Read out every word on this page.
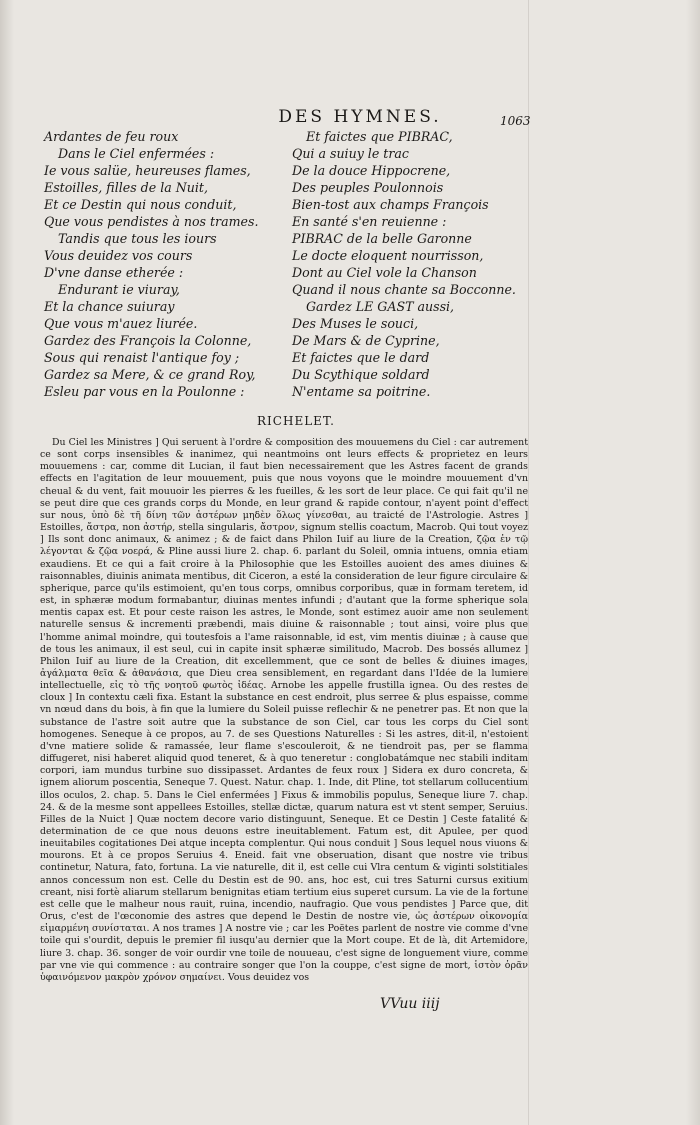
DES HYMNES.	1063
Ardantes de feu roux
Dans le Ciel enfermées :
Ie vous salüe, heureuses flames,
Estoilles, filles de la Nuit,
Et ce Destin qui nous conduit,
Que vous pendistes à nos trames.
Tandis que tous les iours
Vous deuidez vos cours
D'vne danse etherée :
Endurant ie viuray,
Et la chance suiuray
Que vous m'auez liurée.
Gardez des François la Colonne,
Sous qui renaist l'antique foy ;
Gardez sa Mere, & ce grand Roy,
Esleu par vous en la Poulonne :
Et faictes que PIBRAC,
Qui a suiuy le trac
De la douce Hippocrene,
Des peuples Poulonnois
Bien-tost aux champs François
En santé s'en reuienne :
PIBRAC de la belle Garonne
Le docte eloquent nourrisson,
Dont au Ciel vole la Chanson
Quand il nous chante sa Bocconne.
Gardez LE GAST aussi,
Des Muses le souci,
De Mars & de Cyprine,
Et faictes que le dard
Du Scythique soldard
N'entame sa poitrine.
RICHELET.

Du Ciel les Ministres ] Qui seruent à l'ordre & composition des mouuemens du Ciel : car autrement ce sont corps insensibles & inanimez, qui neantmoins ont leurs effects & proprietez en leurs mouuemens : car, comme dit Lucian, il faut bien necessairement que les Astres facent de grands effects en l'agitation de leur mouuement, puis que nous voyons que le moindre mouuement d'vn cheual & du vent, fait mouuoir les pierres & les fueilles, & les sort de leur place. Ce qui fait qu'il ne se peut dire que ces grands corps du Monde, en leur grand & rapide contour, n'ayent point d'effect sur nous, ὑπὸ δὲ τῆ δίνη τῶν ἀστέρων μηδὲν ὅλως γίνεσθαι, au traicté de l'Astrologie. Astres ] Estoilles, ἄστρα, non ἀστήρ, stella singularis, ἄστρον, signum stellis coactum, Macrob. Qui tout voyez ] Ils sont donc animaux, & animez ; & de faict dans Philon Iuif au liure de la Creation, ζῷα ἐν τῷ λέγονται & ζῷα νοερά, & Pline aussi liure 2. chap. 6. parlant du Soleil, omnia intuens, omnia etiam exaudiens. Et ce qui a fait croire à la Philosophie que les Estoilles auoient des ames diuines & raisonnables, diuinis animata mentibus, dit Ciceron, a esté la consideration de leur figure circulaire & spherique, parce qu'ils estimoient, qu'en tous corps, omnibus corporibus, quæ in formam teretem, id est, in sphæræ modum formabantur, diuinas mentes infundi ; d'autant que la forme spherique sola mentis capax est. Et pour ceste raison les astres, le Monde, sont estimez auoir ame non seulement naturelle sensus & incrementi præbendi, mais diuine & raisonnable ; tout ainsi, voire plus que l'homme animal moindre, qui toutesfois a l'ame raisonnable, id est, vim mentis diuinæ ; à cause que de tous les animaux, il est seul, cui in capite insit sphæræ similitudo, Macrob. Des bossés allumez ] Philon Iuif au liure de la Creation, dit excellemment, que ce sont de belles & diuines images, ἀγάλματα θεῖα & ἀθανάσια, que Dieu crea sensiblement, en regardant dans l'Idée de la lumiere intellectuelle, εἰς τὸ τῆς νοητοῦ φωτὸς ἰδέας. Arnobe les appelle frustilla ignea. Ou des restes de cloux ] In contextu cæli fixa. Estant la substance en cest endroit, plus serree & plus espaisse, comme vn nœud dans du bois, à fin que la lumiere du Soleil puisse reflechir & ne penetrer pas. Et non que la substance de l'astre soit autre que la substance de son Ciel, car tous les corps du Ciel sont homogenes. Seneque à ce propos, au 7. de ses Questions Naturelles : Si les astres, dit-il, n'estoient d'vne matiere solide & ramassée, leur flame s'escouleroit, & ne tiendroit pas, per se flamma diffugeret, nisi haberet aliquid quod teneret, & à quo teneretur : conglobatámque nec stabili inditam corpori, iam mundus turbine suo dissipasset. Ardantes de feux roux ] Sidera ex duro concreta, & ignem aliorum poscentia, Seneque 7. Quest. Natur. chap. 1. Inde, dit Pline, tot stellarum collucentium illos oculos, 2. chap. 5. Dans le Ciel enfermées ] Fixus & immobilis populus, Seneque liure 7. chap. 24. & de la mesme sont appellees Estoilles, stellæ dictæ, quarum natura est vt stent semper, Seruius. Filles de la Nuict ] Quæ noctem decore vario distinguunt, Seneque. Et ce Destin ] Ceste fatalité & determination de ce que nous deuons estre ineuitablement. Fatum est, dit Apulee, per quod ineuitabiles cogitationes Dei atque incepta complentur. Qui nous conduit ] Sous lequel nous viuons & mourons. Et à ce propos Seruius 4. Eneid. fait vne obseruation, disant que nostre vie tribus continetur, Natura, fato, fortuna. La vie naturelle, dit il, est celle cui Vlra centum & viginti solstitiales annos concessum non est. Celle du Destin est de 90. ans, hoc est, cui tres Saturni cursus exitium creant, nisi fortè aliarum stellarum benignitas etiam tertium eius superet cursum. La vie de la fortune est celle que le malheur nous rauit, ruina, incendio, naufragio. Que vous pendistes ] Parce que, dit Orus, c'est de l'œconomie des astres que depend le Destin de nostre vie, ὡς ἀστέρων οἰκονομία εἱμαρμένη συνίσταται. A nos trames ] A nostre vie ; car les Poëtes parlent de nostre vie comme d'vne toile qui s'ourdit, depuis le premier fil iusqu'au dernier que la Mort coupe. Et de là, dit Artemidore, liure 3. chap. 36. songer de voir ourdir vne toile de nouueau, c'est signe de longuement viure, comme par vne vie qui commence : au contraire songer que l'on la couppe, c'est signe de mort, ἱστὸν ὁρᾶν ὑφαινόμενον μακρὸν χρόνον σημαίνει. Vous deuidez vos

VVuu iiij
